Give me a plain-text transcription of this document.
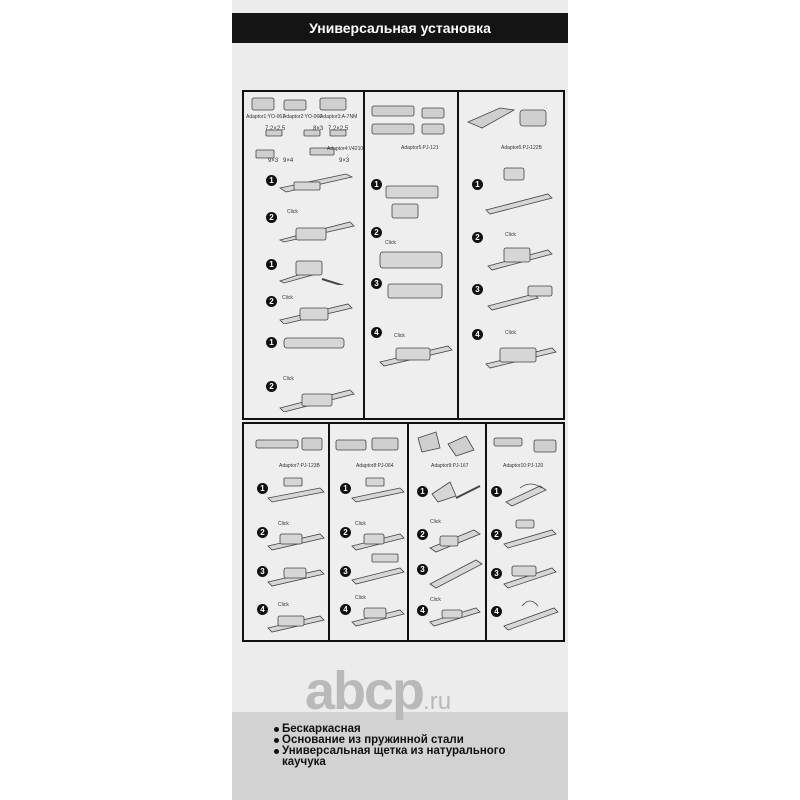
Универсальная установка
Adaptor1:YO-061
Adaptor2:YO-066
Adaptor3:A-7NM
Adaptor4:V4210
7.2×2.5	8×3 7.2×2.5
9×3 9×4	9×3
1
2
Click
1
2	Click
1
2
Click
Adaptor5:PJ-121
1
2
Click
3
4	Click
Adaptor6:PJ-122B
1
2	Click
3
4	Click
Adaptor7:PJ-123B
1
2
Click
3
4	Click
Adaptor8:PJ-064
1
2
Click
3
4
Click
Adaptor9:PJ-167
1
2
Click
3
4
Click
Adaptor10:PJ-120
1
2
3
4
Бескаркасная
Основание из пружинной стали
Универсальная щетка из натурального
каучука
abcp.ru
